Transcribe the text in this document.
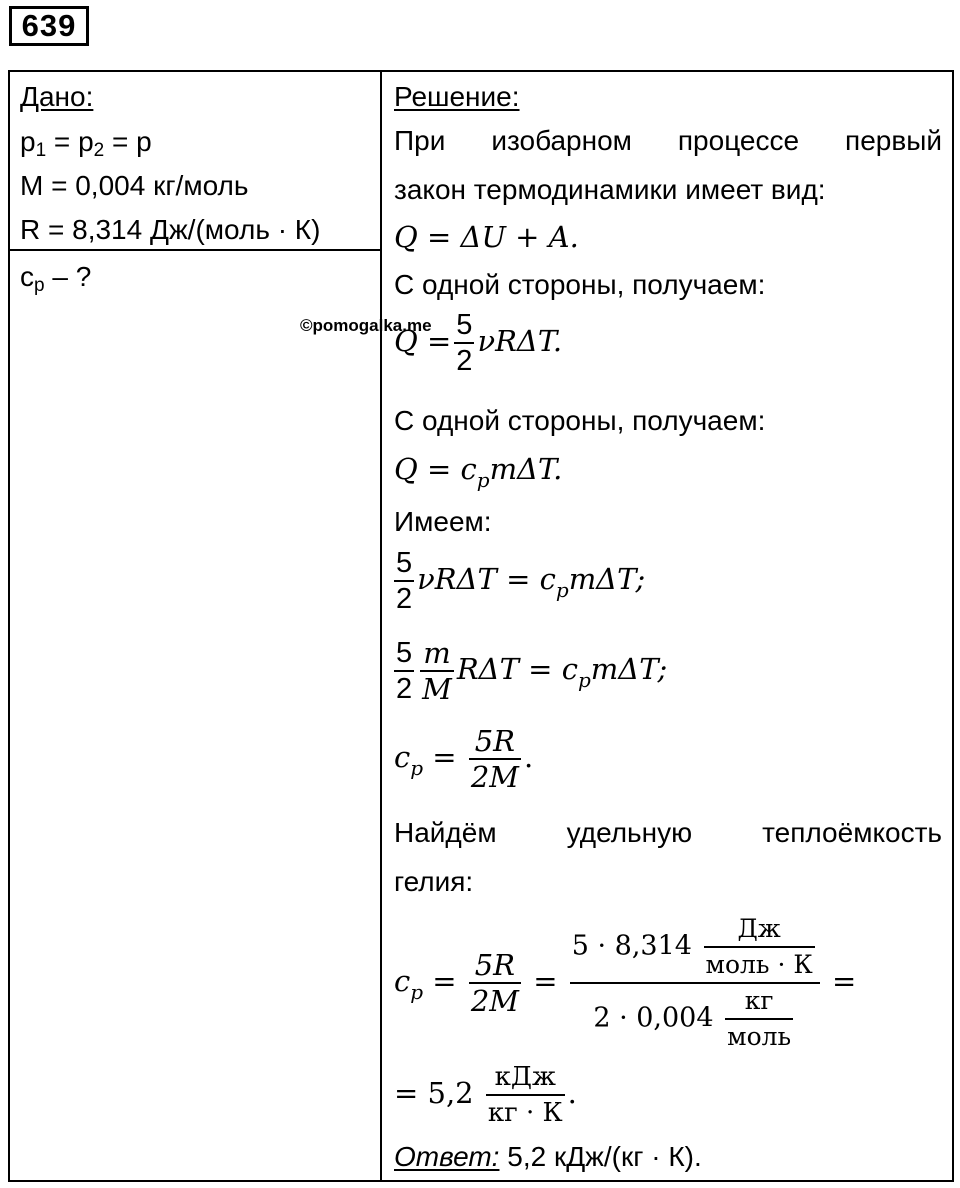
639
Дано:
$p_1 = p_2 = p$
M = 0,004 кг/моль
R = 8,314 Дж/(моль · К)
$c_p$ – ?
Решение:
При изобарном процессе первый
закон термодинамики имеет вид:
Q = ΔU + A.
С одной стороны, получаем:
$Q = \frac{5}{2} \nu R\Delta T$.
С одной стороны, получаем:
$Q = c_pm\Delta T$.
Имеем:
$\frac{5}{2}$ $\nu R\Delta T = c_pm\Delta T$;
$\frac{5}{2} \frac{m}{M}$ $R\Delta T = c_pm\Delta T$;
$c_p = \frac{5R}{2M}$ .
Найдём удельную теплоёмкость
гелия:
$c_p = \frac{5R}{2M} = \frac{5 \cdot 8,314 \frac{Дж}{\text{моль · К}}}{2 \cdot 0,004 \frac{кг}{\text{моль}}}$ =
= $5,2 \frac{\text{кДж}}{кг \cdot К}$ .
Ответ: 5,2 кДж/(кг · К).
©pomogalka.me
